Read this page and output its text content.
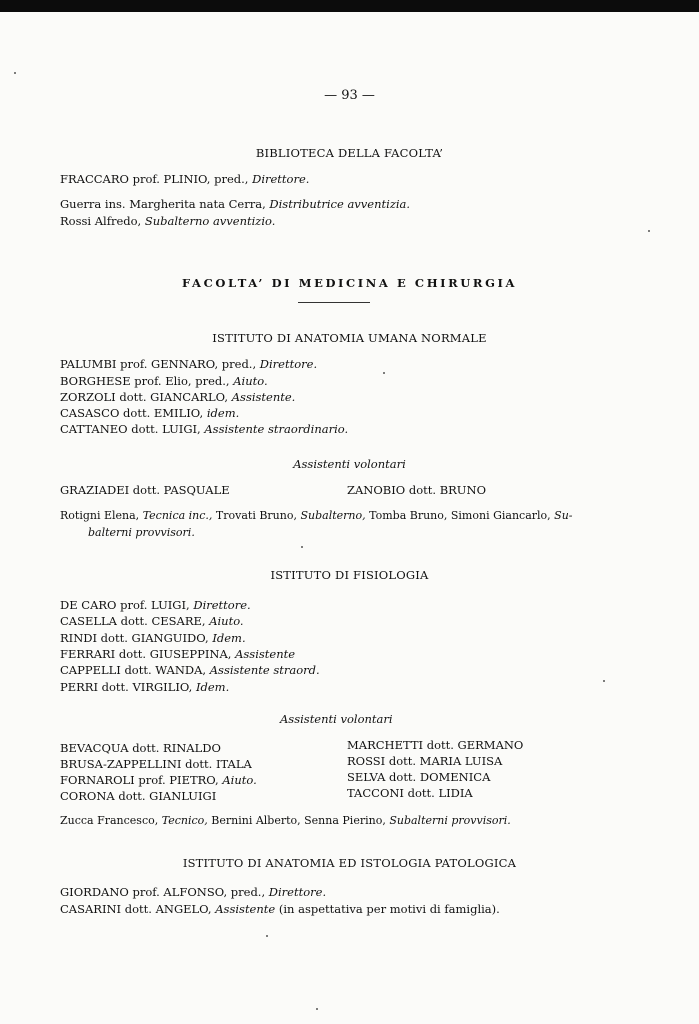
— 93 —
BIBLIOTECA DELLA FACOLTA’
FRACCARO prof. PLINIO, pred., Direttore.
Guerra ins. Margherita nata Cerra, Distributrice avventizia.
Rossi Alfredo, Subalterno avventizio.
FACOLTA’ DI MEDICINA E CHIRURGIA
ISTITUTO DI ANATOMIA UMANA NORMALE
PALUMBI prof. GENNARO, pred., Direttore.
BORGHESE prof. Elio, pred., Aiuto.
ZORZOLI dott. GIANCARLO, Assistente.
CASASCO dott. EMILIO, idem.
CATTANEO dott. LUIGI, Assistente straordinario.
Assistenti volontari
GRAZIADEI dott. PASQUALE	ZANOBIO dott. BRUNO
Rotigni Elena, Tecnica inc., Trovati Bruno, Subalterno, Tomba Bruno, Simoni Giancarlo, Su-
balterni provvisori.
ISTITUTO DI FISIOLOGIA
DE CARO prof. LUIGI, Direttore.
CASELLA dott. CESARE, Aiuto.
RINDI dott. GIANGUIDO, Idem.
FERRARI dott. GIUSEPPINA, Assistente
CAPPELLI dott. WANDA, Assistente straord.
PERRI dott. VIRGILIO, Idem.
Assistenti volontari
BEVACQUA dott. RINALDO
BRUSA-ZAPPELLINI dott. ITALA
FORNAROLI prof. PIETRO, Aiuto.
CORONA dott. GIANLUIGI
MARCHETTI dott. GERMANO
ROSSI dott. MARIA LUISA
SELVA dott. DOMENICA
TACCONI dott. LIDIA
Zucca Francesco, Tecnico, Bernini Alberto, Senna Pierino, Subalterni provvisori.
ISTITUTO DI ANATOMIA ED ISTOLOGIA PATOLOGICA
GIORDANO prof. ALFONSO, pred., Direttore.
CASARINI dott. ANGELO, Assistente (in aspettativa per motivi di famiglia).
